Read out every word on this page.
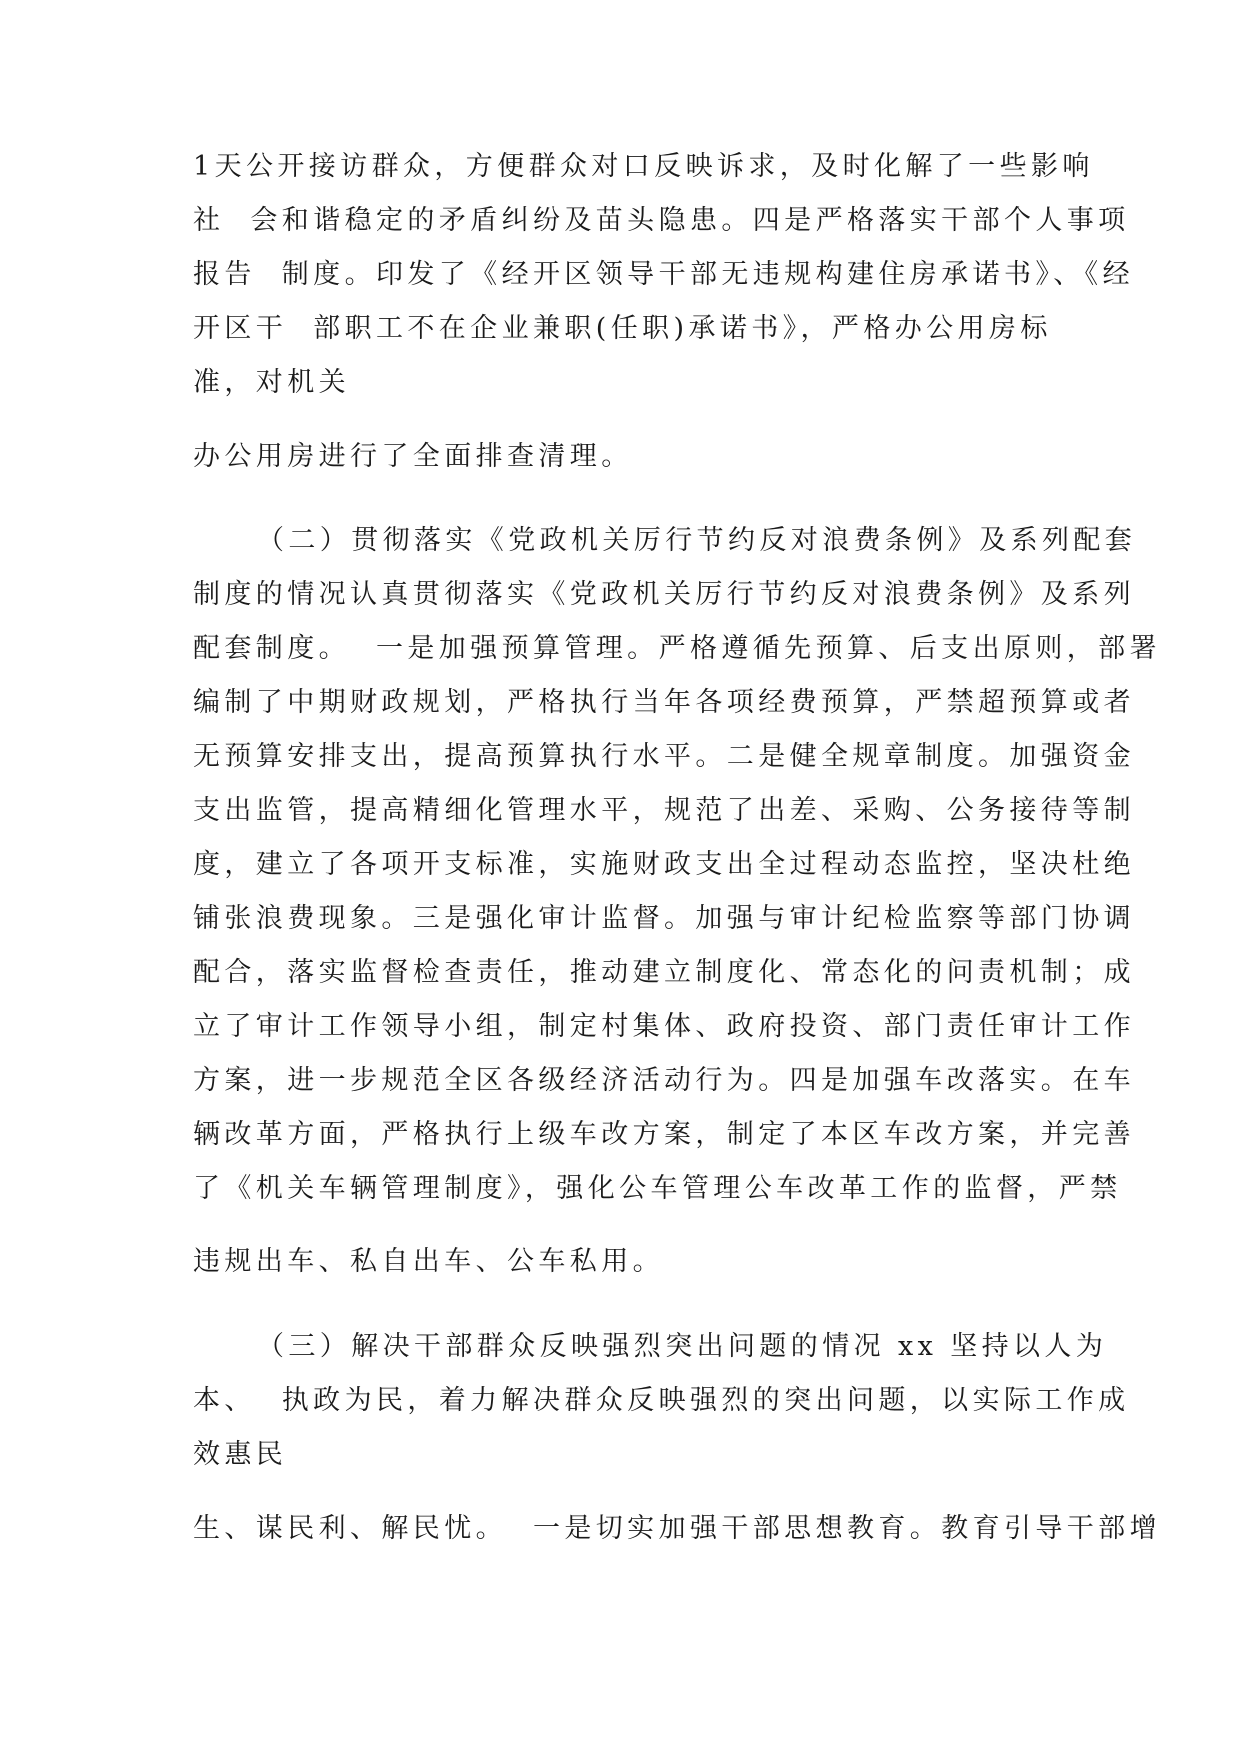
1天公开接访群众，方便群众对口反映诉求，及时化解了一些影响
社  会和谐稳定的矛盾纠纷及苗头隐患。四是严格落实干部个人事项
报告  制度。印发了《经开区领导干部无违规构建住房承诺书》、《经
开区干  部职工不在企业兼职(任职)承诺书》，严格办公用房标
准，对机关
办公用房进行了全面排查清理。
（二）贯彻落实《党政机关厉行节约反对浪费条例》及系列配套
制度的情况认真贯彻落实《党政机关厉行节约反对浪费条例》及系列
配套制度。  一是加强预算管理。严格遵循先预算、后支出原则，部署
编制了中期财政规划，严格执行当年各项经费预算，严禁超预算或者
无预算安排支出，提高预算执行水平。二是健全规章制度。加强资金
支出监管，提高精细化管理水平，规范了出差、采购、公务接待等制
度，建立了各项开支标准，实施财政支出全过程动态监控，坚决杜绝
铺张浪费现象。三是强化审计监督。加强与审计纪检监察等部门协调
配合，落实监督检查责任，推动建立制度化、常态化的问责机制；成
立了审计工作领导小组，制定村集体、政府投资、部门责任审计工作
方案，进一步规范全区各级经济活动行为。四是加强车改落实。在车
辆改革方面，严格执行上级车改方案，制定了本区车改方案，并完善
了《机关车辆管理制度》，强化公车管理公车改革工作的监督，严禁
违规出车、私自出车、公车私用。
（三）解决干部群众反映强烈突出问题的情况 xx 坚持以人为
本、  执政为民，着力解决群众反映强烈的突出问题，以实际工作成
效惠民
生、谋民利、解民忧。  一是切实加强干部思想教育。教育引导干部增
